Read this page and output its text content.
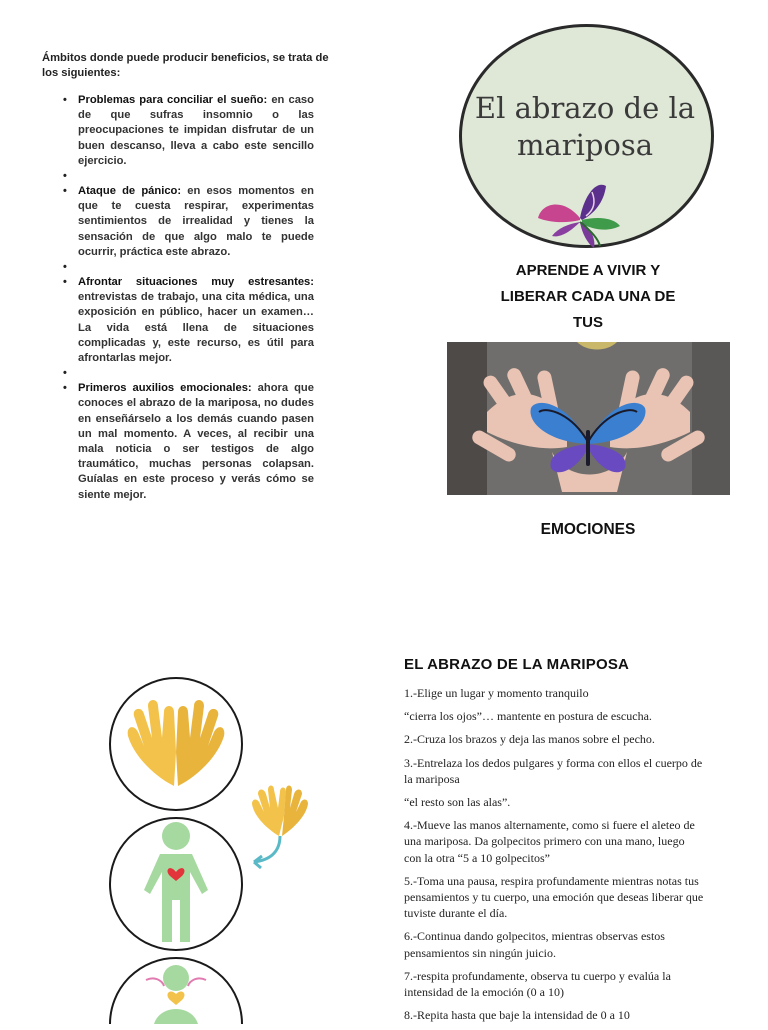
Ámbitos donde puede producir beneficios, se trata de los siguientes:

• Problemas para conciliar el sueño: en caso de que sufras insomnio o las preocupaciones te impidan disfrutar de un buen descanso, lleva a cabo este sencillo ejercicio.
•
• Ataque de pánico: en esos momentos en que te cuesta respirar, experimentas sentimientos de irrealidad y tienes la sensación de que algo malo te puede ocurrir, práctica este abrazo.
•
• Afrontar situaciones muy estresantes: entrevistas de trabajo, una cita médica, una exposición en público, hacer un examen… La vida está llena de situaciones complicadas y, este recurso, es útil para afrontarlas mejor.
•
• Primeros auxilios emocionales: ahora que conoces el abrazo de la mariposa, no dudes en enseñárselo a los demás cuando pasen un mal momento. A veces, al recibir una mala noticia o ser testigos de algo traumático, muchas personas colapsan. Guíalas en este proceso y verás cómo se siente mejor.
El abrazo de la
mariposa
APRENDE A VIVIR Y
LIBERAR CADA UNA DE
TUS
EMOCIONES
EL ABRAZO DE LA MARIPOSA

1.-Elige un lugar y momento tranquilo

“cierra los ojos”… mantente en postura de escucha.

2.-Cruza los brazos y deja las manos sobre el pecho.

3.-Entrelaza los dedos pulgares y forma con ellos el cuerpo de la mariposa

“el resto son las alas”.

4.-Mueve las manos alternamente, como si fuere el aleteo de una mariposa. Da golpecitos primero con una mano, luego con la otra “5 a 10 golpecitos”

5.-Toma una pausa, respira profundamente mientras notas tus pensamientos y tu cuerpo, una emoción que deseas liberar que tuviste durante el día.

6.-Continua dando golpecitos, mientras observas estos pensamientos sin ningún juicio.

7.-respita profundamente, observa tu cuerpo y evalúa la intensidad de la emoción (0 a 10)

8.-Repita hasta que baje la intensidad de 0 a 10
